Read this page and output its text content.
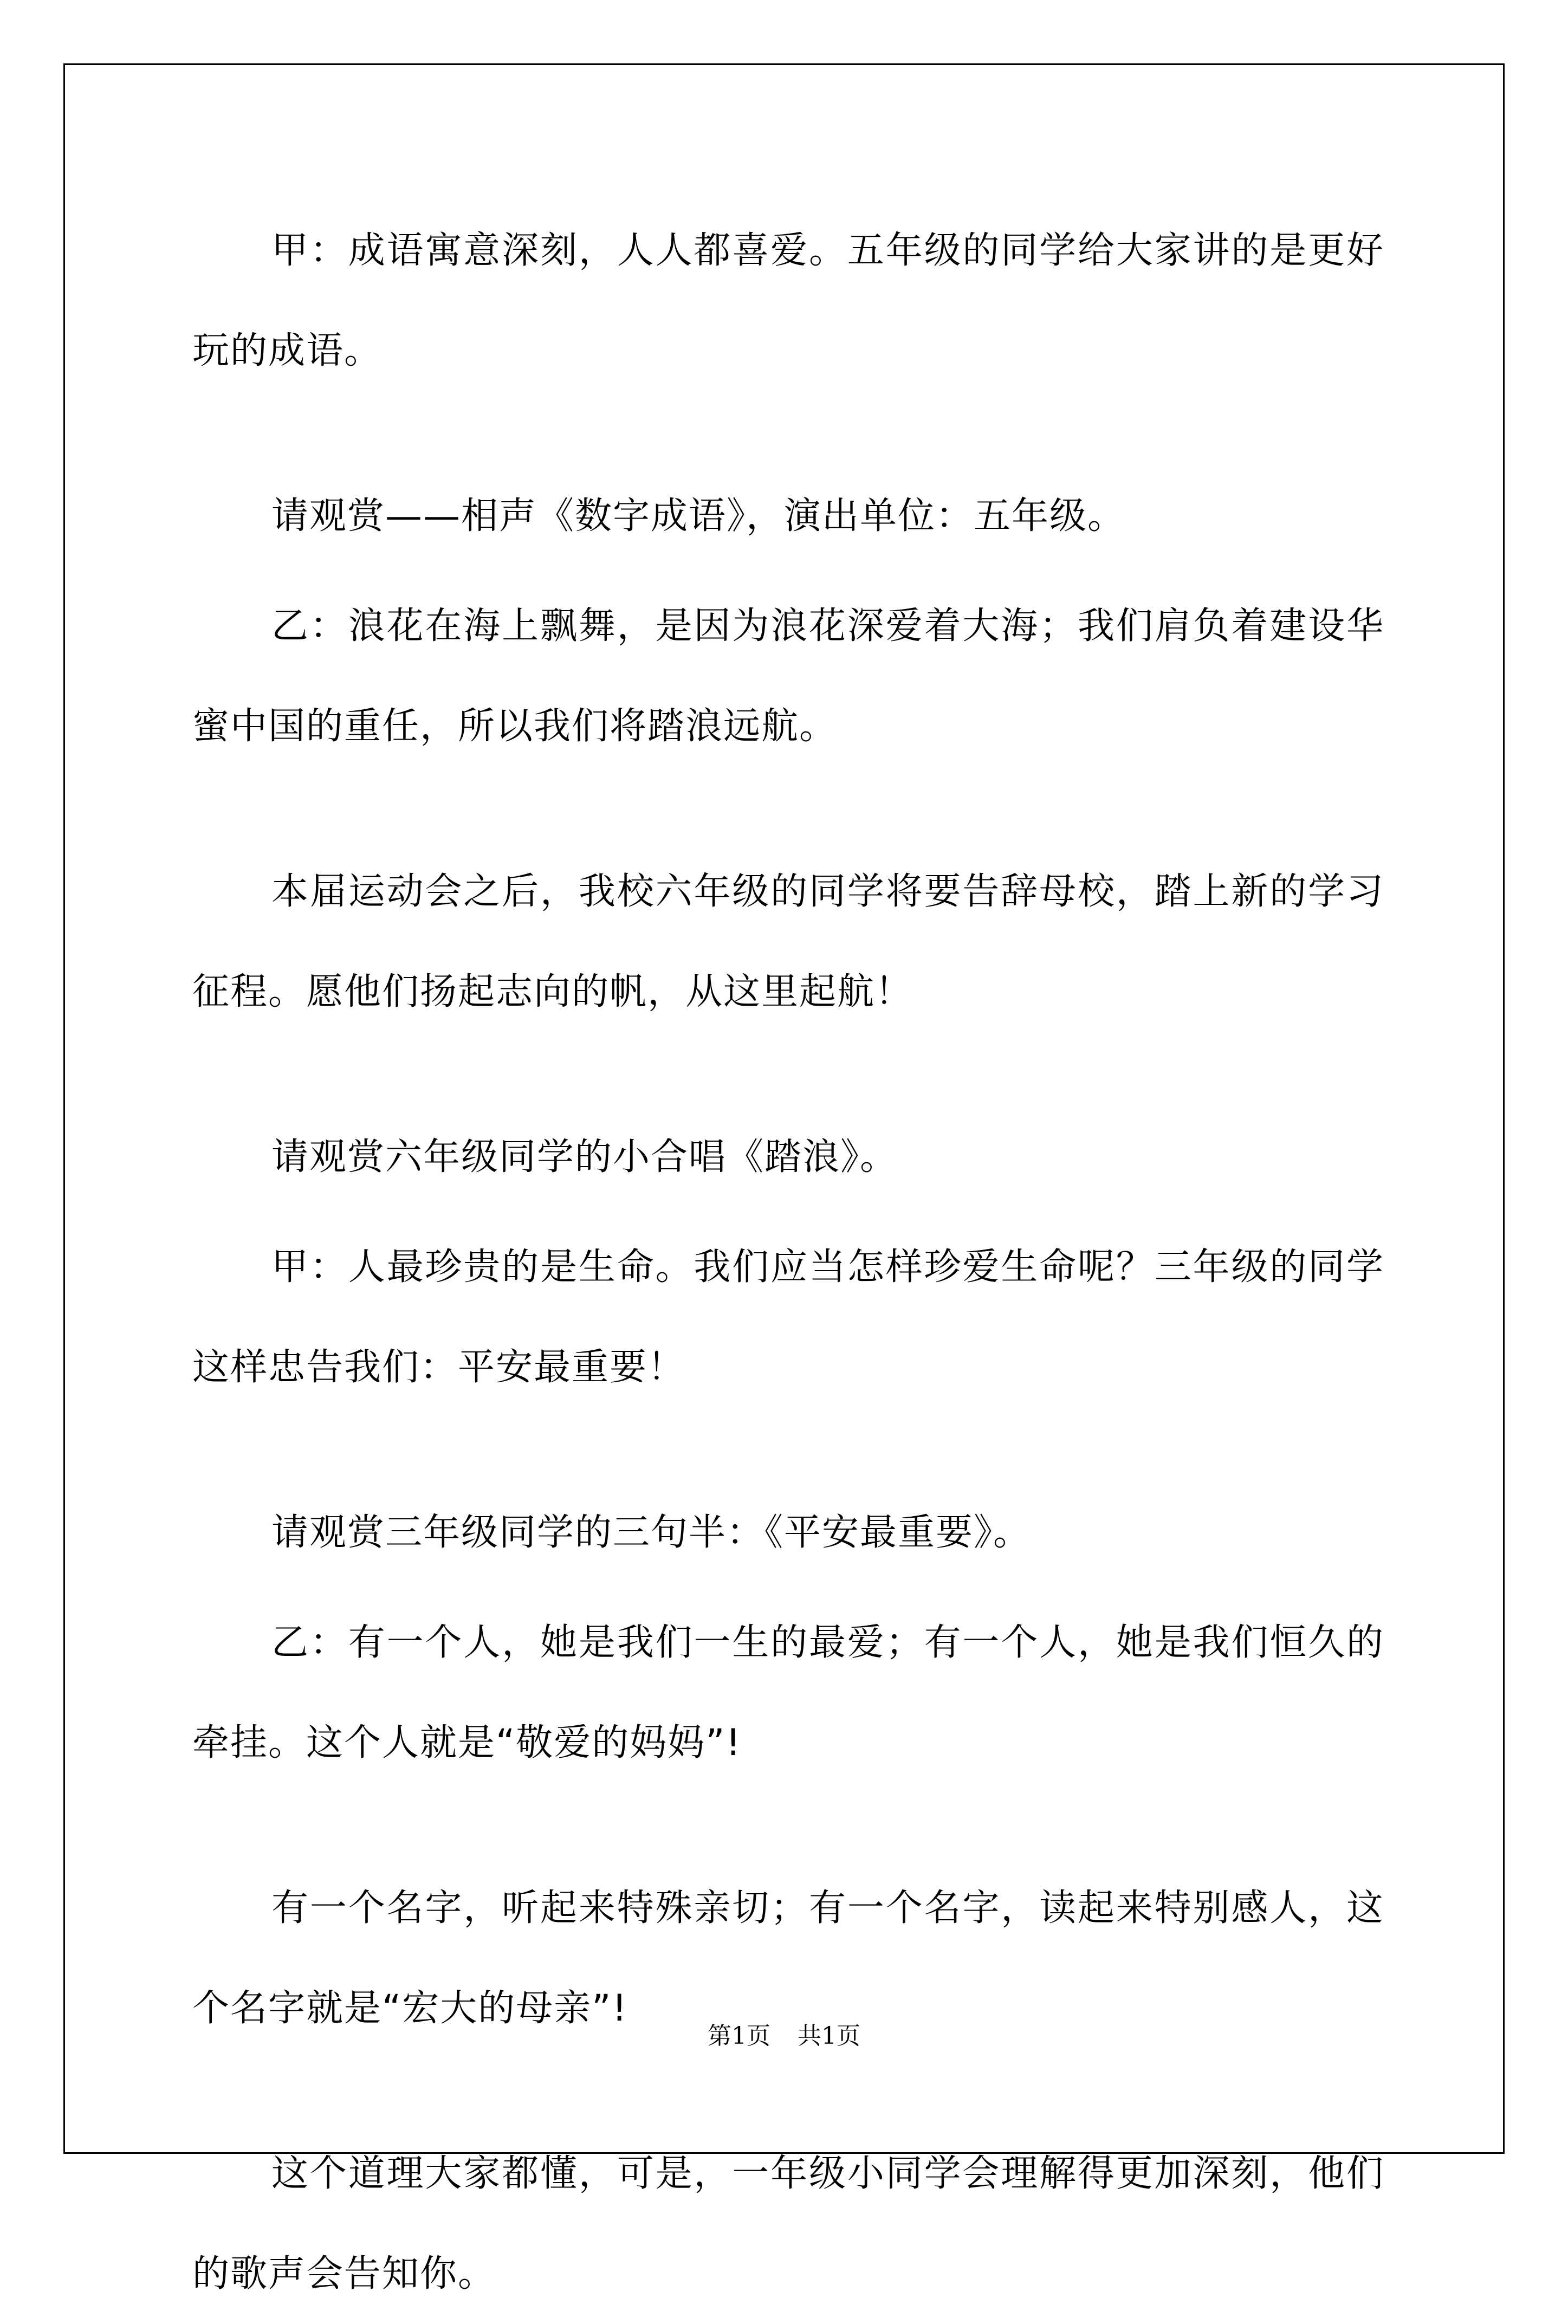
甲：成语寓意深刻，人人都喜爱。五年级的同学给大家讲的是更好玩的成语。

请观赏——相声《数字成语》，演出单位：五年级。

乙：浪花在海上飘舞，是因为浪花深爱着大海；我们肩负着建设华蜜中国的重任，所以我们将踏浪远航。

本届运动会之后，我校六年级的同学将要告辞母校，踏上新的学习征程。愿他们扬起志向的帆，从这里起航！

请观赏六年级同学的小合唱《踏浪》。

甲：人最珍贵的是生命。我们应当怎样珍爱生命呢？三年级的同学这样忠告我们：平安最重要！

请观赏三年级同学的三句半：《平安最重要》。

乙：有一个人，她是我们一生的最爱；有一个人，她是我们恒久的牵挂。这个人就是“敬爱的妈妈”!

有一个名字，听起来特殊亲切；有一个名字，读起来特别感人，这个名字就是“宏大的母亲”!

这个道理大家都懂，可是，一年级小同学会理解得更加深刻，他们的歌声会告知你。

第1页 共1页
